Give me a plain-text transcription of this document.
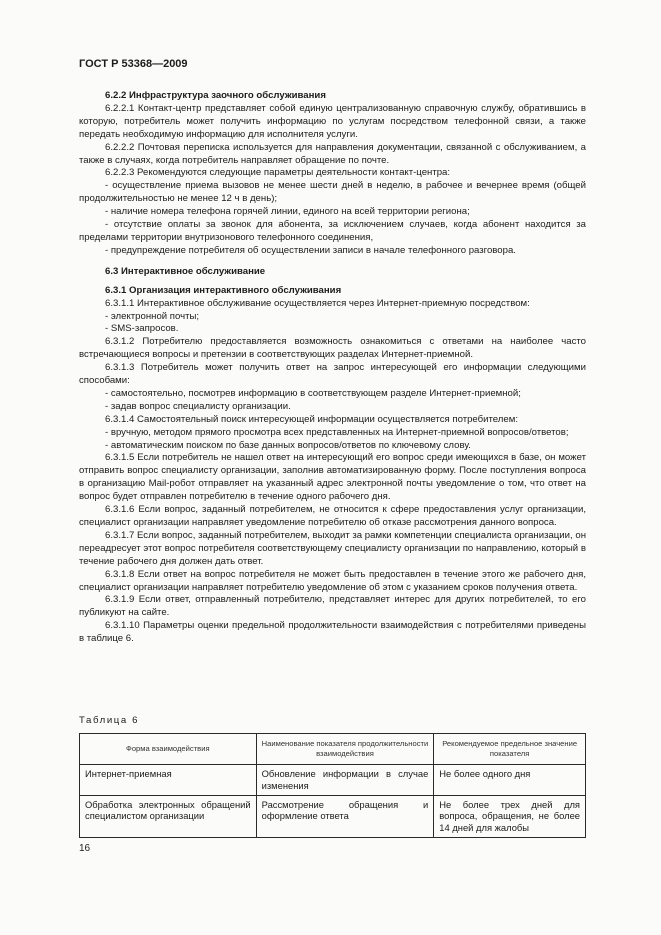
ГОСТ Р 53368—2009

6.2.2 Инфраструктура заочного обслуживания

6.2.2.1 Контакт-центр представляет собой единую централизованную справочную службу, обратившись в которую, потребитель может получить информацию по услугам посредством телефонной связи, а также передать необходимую информацию для исполнителя услуги.

6.2.2.2 Почтовая переписка используется для направления документации, связанной с обслуживанием, а также в случаях, когда потребитель направляет обращение по почте.

6.2.2.3 Рекомендуются следующие параметры деятельности контакт-центра:

- осуществление приема вызовов не менее шести дней в неделю, в рабочее и вечернее время (общей продолжительностью не менее 12 ч в день);

- наличие номера телефона горячей линии, единого на всей территории региона;

- отсутствие оплаты за звонок для абонента, за исключением случаев, когда абонент находится за пределами территории внутризонового телефонного соединения,

- предупреждение потребителя об осуществлении записи в начале телефонного разговора.

6.3 Интерактивное обслуживание

6.3.1 Организация интерактивного обслуживания

6.3.1.1 Интерактивное обслуживание осуществляется через Интернет-приемную посредством:

- электронной почты;

- SMS-запросов.

6.3.1.2 Потребителю предоставляется возможность ознакомиться с ответами на наиболее часто встречающиеся вопросы и претензии в соответствующих разделах Интернет-приемной.

6.3.1.3 Потребитель может получить ответ на запрос интересующей его информации следующими способами:

- самостоятельно, посмотрев информацию в соответствующем разделе Интернет-приемной;

- задав вопрос специалисту организации.

6.3.1.4 Самостоятельный поиск интересующей информации осуществляется потребителем:

- вручную, методом прямого просмотра всех представленных на Интернет-приемной вопросов/ответов;

- автоматическим поиском по базе данных вопросов/ответов по ключевому слову.

6.3.1.5 Если потребитель не нашел ответ на интересующий его вопрос среди имеющихся в базе, он может отправить вопрос специалисту организации, заполнив автоматизированную форму. После поступления вопроса в организацию Mail-робот отправляет на указанный адрес электронной почты уведомление о том, что ответ на вопрос будет отправлен потребителю в течение одного рабочего дня.

6.3.1.6 Если вопрос, заданный потребителем, не относится к сфере предоставления услуг организации, специалист организации направляет уведомление потребителю об отказе рассмотрения данного вопроса.

6.3.1.7 Если вопрос, заданный потребителем, выходит за рамки компетенции специалиста организации, он переадресует этот вопрос потребителя соответствующему специалисту организации по направлению, который в течение рабочего дня должен дать ответ.

6.3.1.8 Если ответ на вопрос потребителя не может быть предоставлен в течение этого же рабочего дня, специалист организации направляет потребителю уведомление об этом с указанием сроков получения ответа.

6.3.1.9 Если ответ, отправленный потребителю, представляет интерес для других потребителей, то его публикуют на сайте.

6.3.1.10 Параметры оценки предельной продолжительности взаимодействия с потребителями приведены в таблице 6.

Таблица 6
Форма взаимодействия	Наименование показателя продолжительности взаимодействия	Рекомендуемое предельное значение показателя
Интернет-приемная	Обновление информации в случае изменения	Не более одного дня
Обработка электронных обращений специалистом организации	Рассмотрение обращения и оформление ответа	Не более трех дней для вопроса, обращения, не более 14 дней для жалобы
16
